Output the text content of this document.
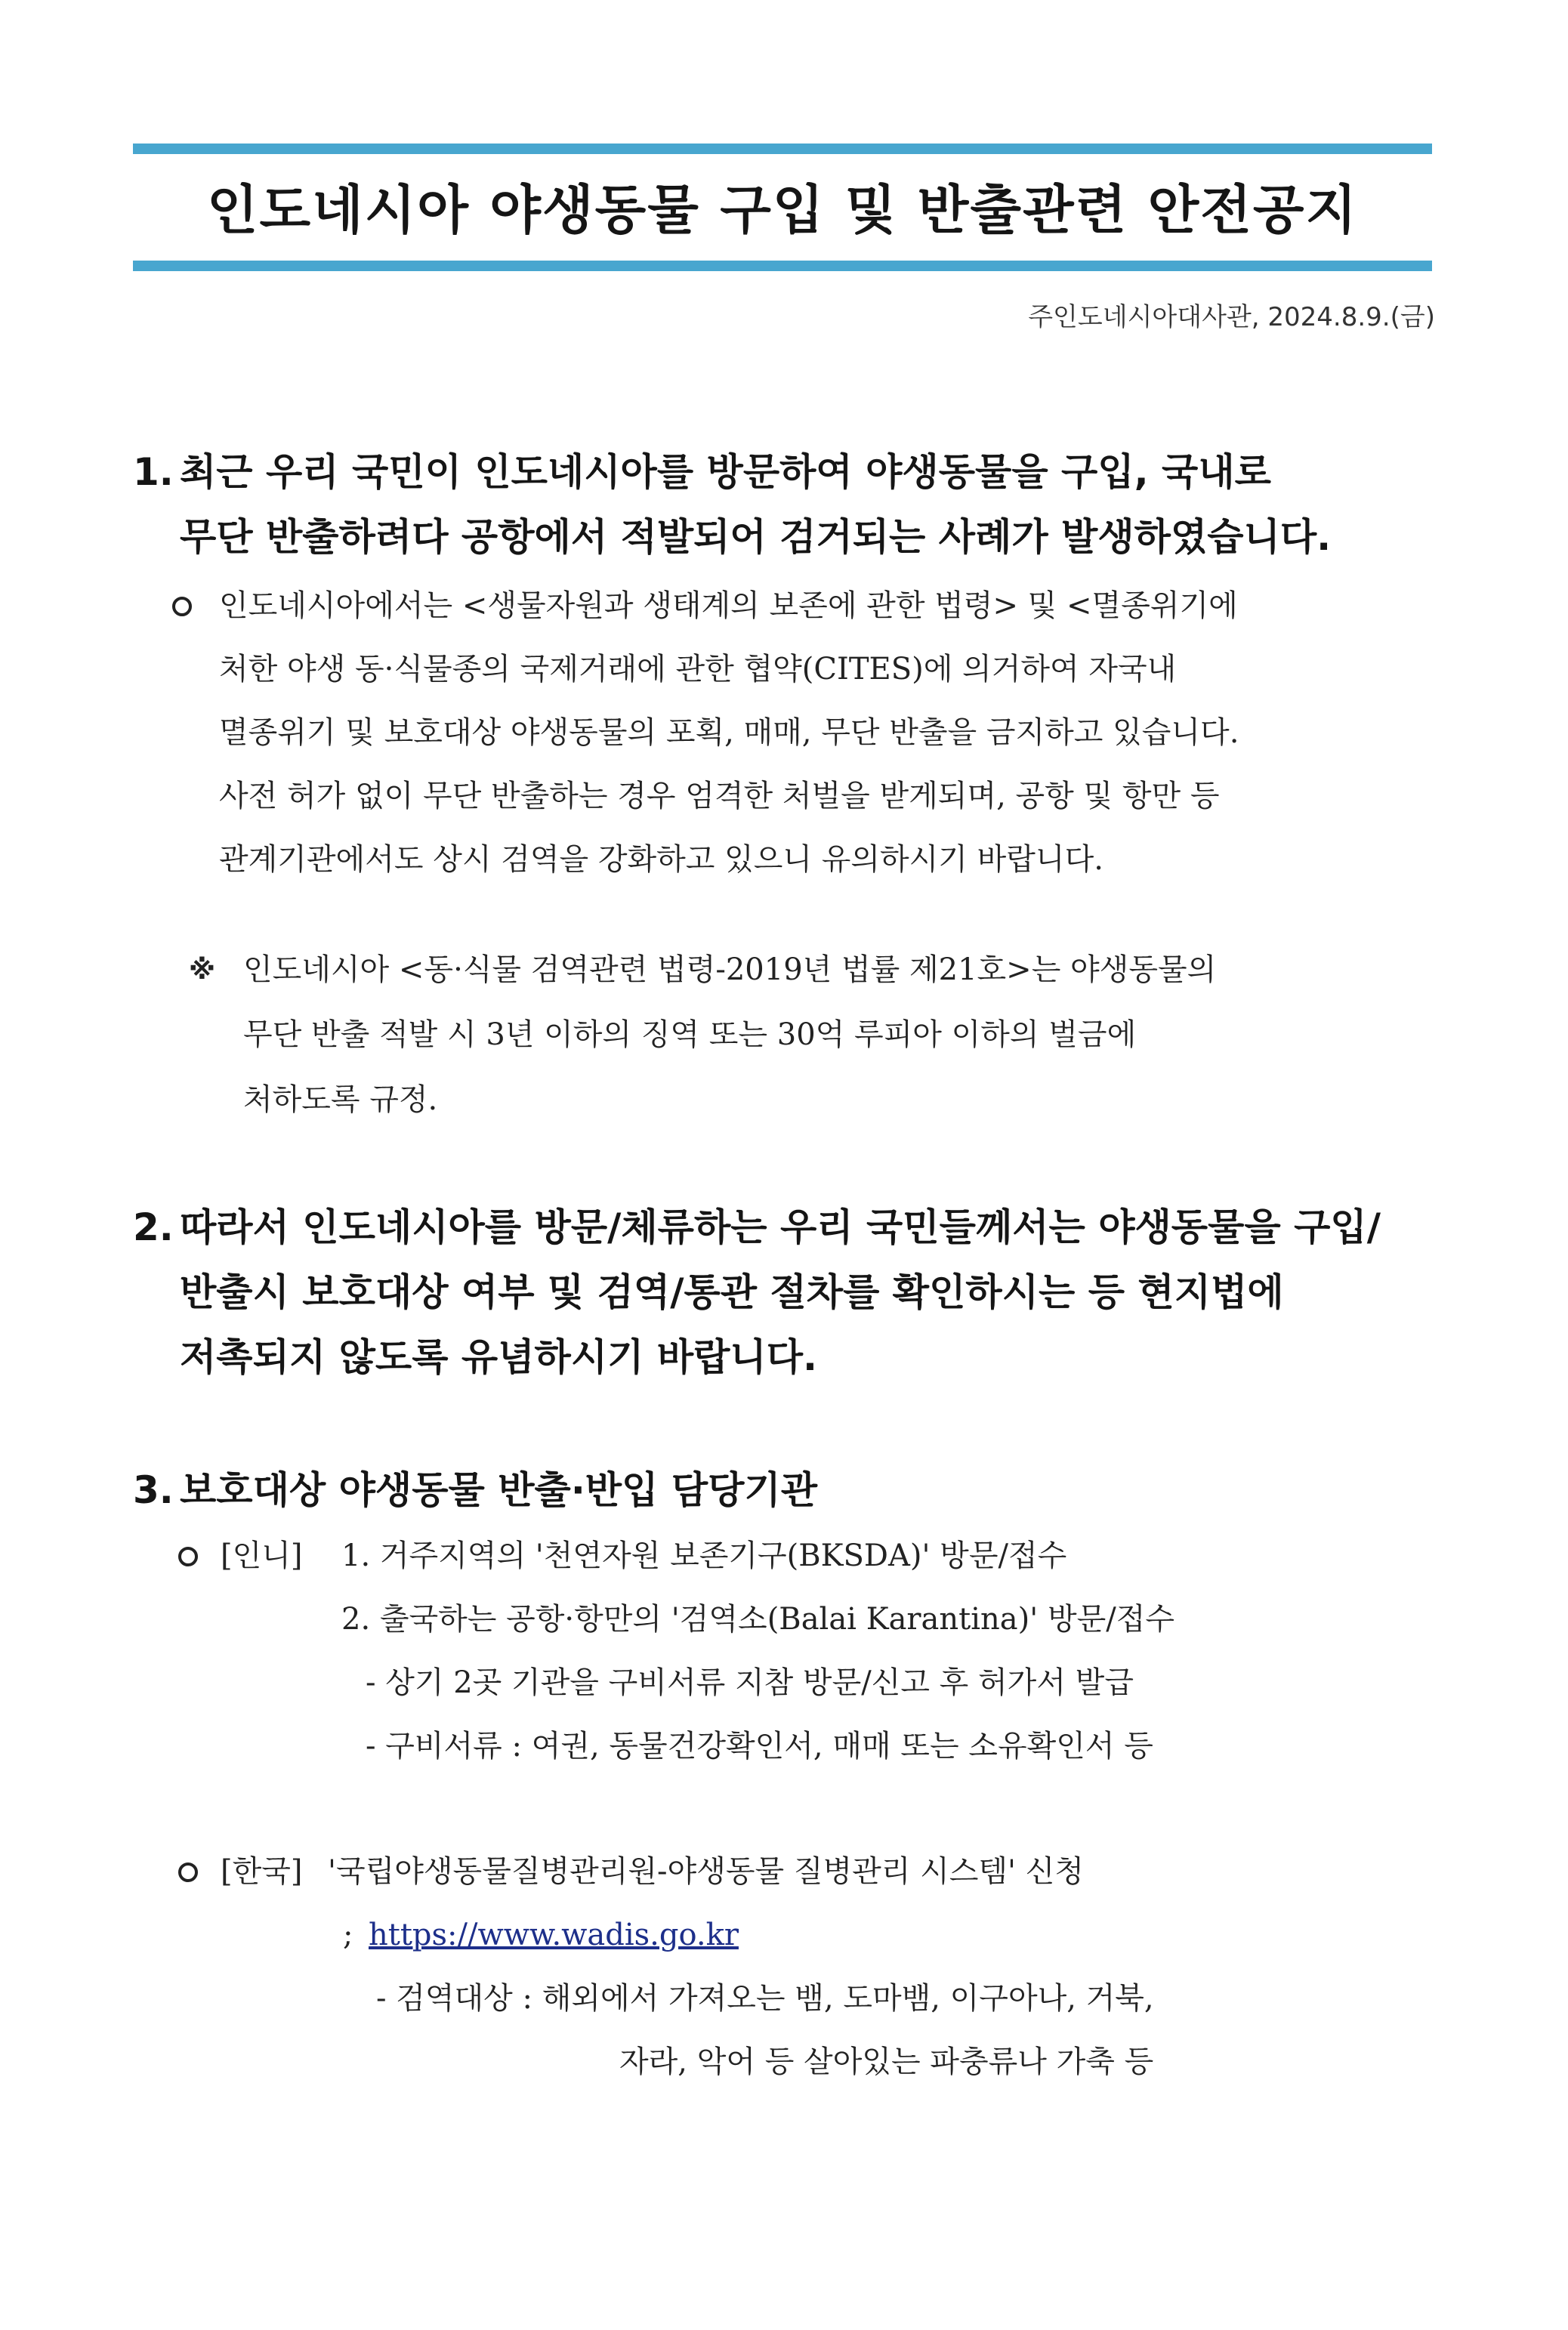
인도네시아 야생동물 구입 및 반출관련 안전공지
주인도네시아대사관, 2024.8.9.(금)
1. 최근 우리 국민이 인도네시아를 방문하여 야생동물을 구입, 국내로
무단 반출하려다 공항에서 적발되어 검거되는 사례가 발생하였습니다.
인도네시아에서는 <생물자원과 생태계의 보존에 관한 법령> 및 <멸종위기에
처한 야생 동·식물종의 국제거래에 관한 협약(CITES)에 의거하여 자국내
멸종위기 및 보호대상 야생동물의 포획, 매매, 무단 반출을 금지하고 있습니다.
사전 허가 없이 무단 반출하는 경우 엄격한 처벌을 받게되며, 공항 및 항만 등
관계기관에서도 상시 검역을 강화하고 있으니 유의하시기 바랍니다.
※ 인도네시아 <동·식물 검역관련 법령-2019년 법률 제21호>는 야생동물의
무단 반출 적발 시 3년 이하의 징역 또는 30억 루피아 이하의 벌금에
처하도록 규정.
2. 따라서 인도네시아를 방문/체류하는 우리 국민들께서는 야생동물을 구입/
반출시 보호대상 여부 및 검역/통관 절차를 확인하시는 등 현지법에
저촉되지 않도록 유념하시기 바랍니다.
3. 보호대상 야생동물 반출·반입 담당기관
[인니] 1. 거주지역의 '천연자원 보존기구(BKSDA)' 방문/접수
2. 출국하는 공항·항만의 '검역소(Balai Karantina)' 방문/접수
- 상기 2곳 기관을 구비서류 지참 방문/신고 후 허가서 발급
- 구비서류 : 여권, 동물건강확인서, 매매 또는 소유확인서 등
[한국] '국립야생동물질병관리원-야생동물 질병관리 시스템' 신청
; https://www.wadis.go.kr
- 검역대상 : 해외에서 가져오는 뱀, 도마뱀, 이구아나, 거북,
자라, 악어 등 살아있는 파충류나 가축 등
